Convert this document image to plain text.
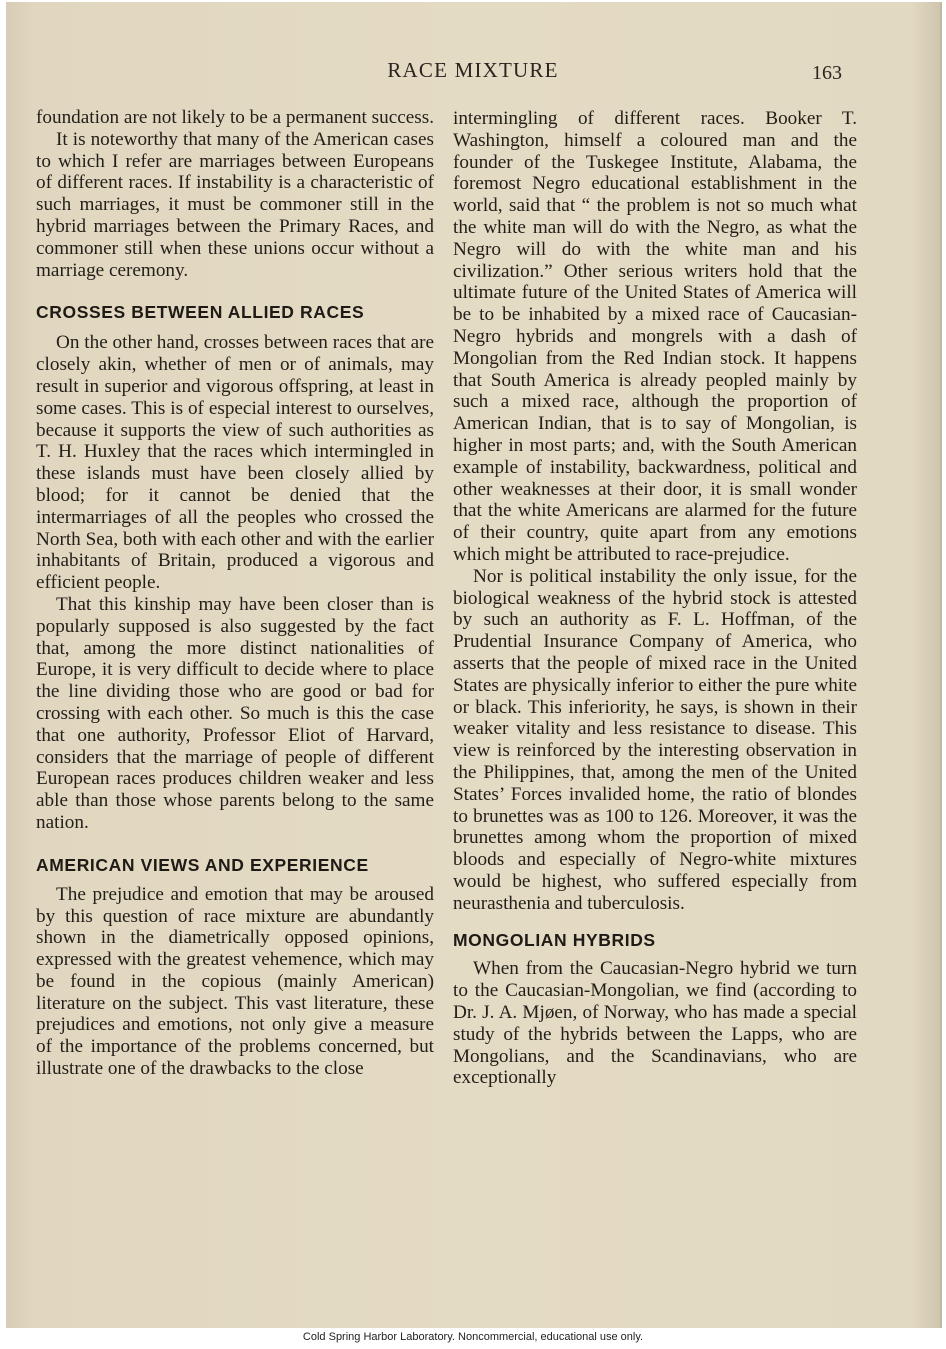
RACE MIXTURE	163

foundation are not likely to be a permanent success.

It is noteworthy that many of the American cases to which I refer are marriages between Europeans of different races. If instability is a characteristic of such marriages, it must be commoner still in the hybrid marriages between the Primary Races, and commoner still when these unions occur without a marriage ceremony.

CROSSES BETWEEN ALLIED RACES

On the other hand, crosses between races that are closely akin, whether of men or of animals, may result in superior and vigorous offspring, at least in some cases. This is of especial interest to ourselves, because it supports the view of such authorities as T. H. Huxley that the races which intermingled in these islands must have been closely allied by blood; for it cannot be denied that the intermarriages of all the peoples who crossed the North Sea, both with each other and with the earlier inhabitants of Britain, produced a vigorous and efficient people.

That this kinship may have been closer than is popularly supposed is also suggested by the fact that, among the more distinct nationalities of Europe, it is very difficult to decide where to place the line dividing those who are good or bad for crossing with each other. So much is this the case that one authority, Professor Eliot of Harvard, considers that the marriage of people of different European races produces children weaker and less able than those whose parents belong to the same nation.

AMERICAN VIEWS AND EXPERIENCE

The prejudice and emotion that may be aroused by this question of race mixture are abundantly shown in the diametrically opposed opinions, expressed with the greatest vehemence, which may be found in the copious (mainly American) literature on the subject. This vast literature, these prejudices and emotions, not only give a measure of the importance of the problems concerned, but illustrate one of the drawbacks to the close

intermingling of different races. Booker T. Washington, himself a coloured man and the founder of the Tuskegee Institute, Alabama, the foremost Negro educational establishment in the world, said that “ the problem is not so much what the white man will do with the Negro, as what the Negro will do with the white man and his civilization.” Other serious writers hold that the ultimate future of the United States of America will be to be inhabited by a mixed race of Caucasian-Negro hybrids and mongrels with a dash of Mongolian from the Red Indian stock. It happens that South America is already peopled mainly by such a mixed race, although the proportion of American Indian, that is to say of Mongolian, is higher in most parts; and, with the South American example of instability, backwardness, political and other weaknesses at their door, it is small wonder that the white Americans are alarmed for the future of their country, quite apart from any emotions which might be attributed to race-prejudice.

Nor is political instability the only issue, for the biological weakness of the hybrid stock is attested by such an authority as F. L. Hoffman, of the Prudential Insurance Company of America, who asserts that the people of mixed race in the United States are physically inferior to either the pure white or black. This inferiority, he says, is shown in their weaker vitality and less resistance to disease. This view is reinforced by the interesting observation in the Philippines, that, among the men of the United States’ Forces invalided home, the ratio of blondes to brunettes was as 100 to 126. Moreover, it was the brunettes among whom the proportion of mixed bloods and especially of Negro-white mixtures would be highest, who suffered especially from neurasthenia and tuberculosis.

MONGOLIAN HYBRIDS

When from the Caucasian-Negro hybrid we turn to the Caucasian-Mongolian, we find (according to Dr. J. A. Mjøen, of Norway, who has made a special study of the hybrids between the Lapps, who are Mongolians, and the Scandinavians, who are exceptionally

Cold Spring Harbor Laboratory. Noncommercial, educational use only.
